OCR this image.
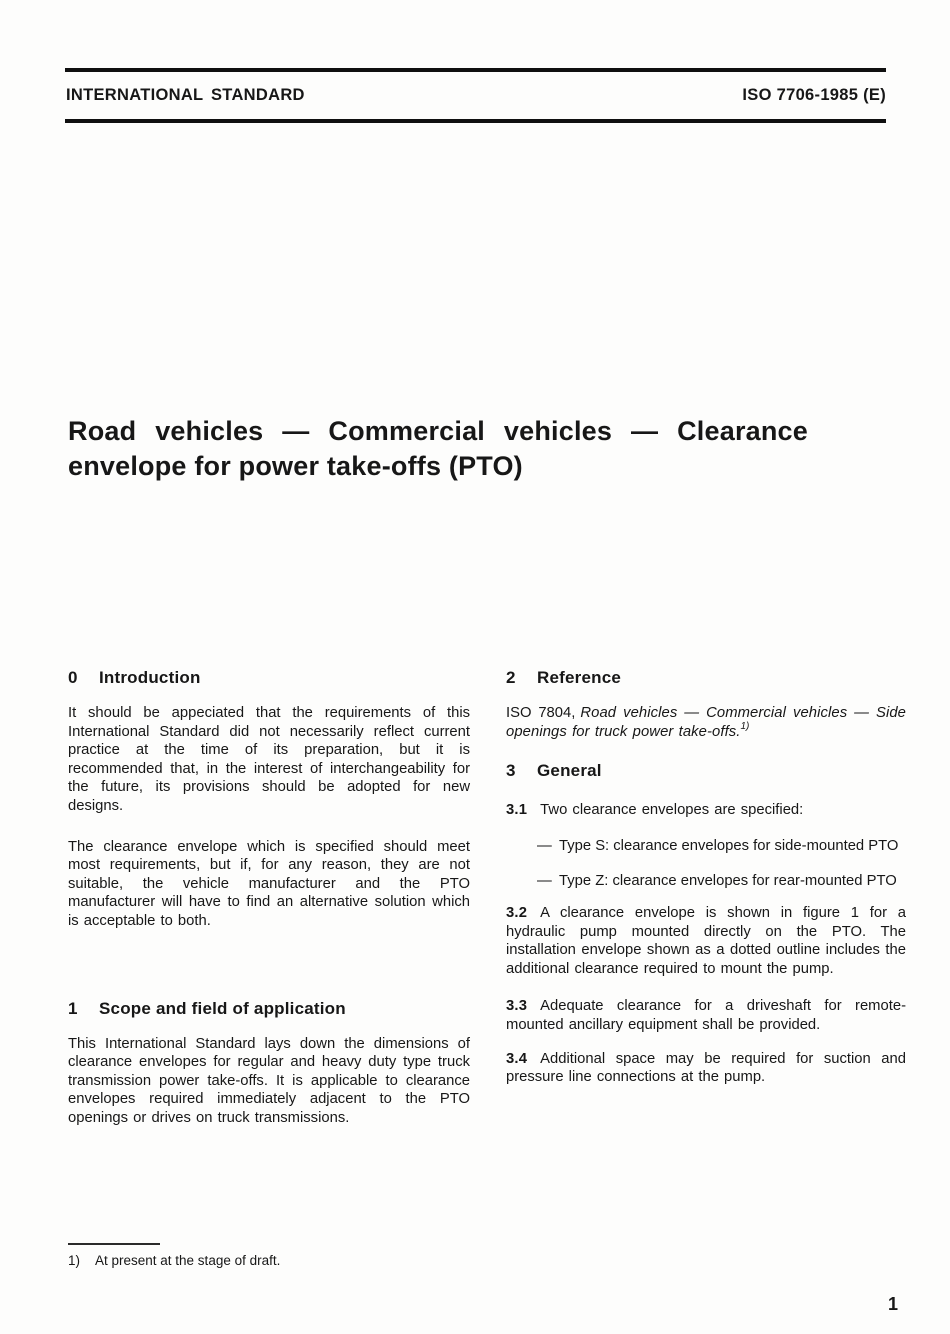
INTERNATIONAL STANDARD	ISO 7706-1985 (E)
Road vehicles — Commercial vehicles — Clearance envelope for power take-offs (PTO)
0	Introduction

It should be appeciated that the requirements of this International Standard did not necessarily reflect current practice at the time of its preparation, but it is recommended that, in the interest of interchangeability for the future, its provisions should be adopted for new designs.

The clearance envelope which is specified should meet most requirements, but if, for any reason, they are not suitable, the vehicle manufacturer and the PTO manufacturer will have to find an alternative solution which is acceptable to both.

1	Scope and field of application

This International Standard lays down the dimensions of clearance envelopes for regular and heavy duty type truck transmission power take-offs. It is applicable to clearance envelopes required immediately adjacent to the PTO openings or drives on truck transmissions.

2	Reference

ISO 7804, Road vehicles — Commercial vehicles — Side openings for truck power take-offs.$^{1)}$

3	General

3.1 Two clearance envelopes are specified:

— Type S: clearance envelopes for side-mounted PTO
— Type Z: clearance envelopes for rear-mounted PTO

3.2 A clearance envelope is shown in figure 1 for a hydraulic pump mounted directly on the PTO. The installation envelope shown as a dotted outline includes the additional clearance required to mount the pump.

3.3 Adequate clearance for a driveshaft for remote-mounted ancillary equipment shall be provided.

3.4 Additional space may be required for suction and pressure line connections at the pump.

1)	At present at the stage of draft.
1
